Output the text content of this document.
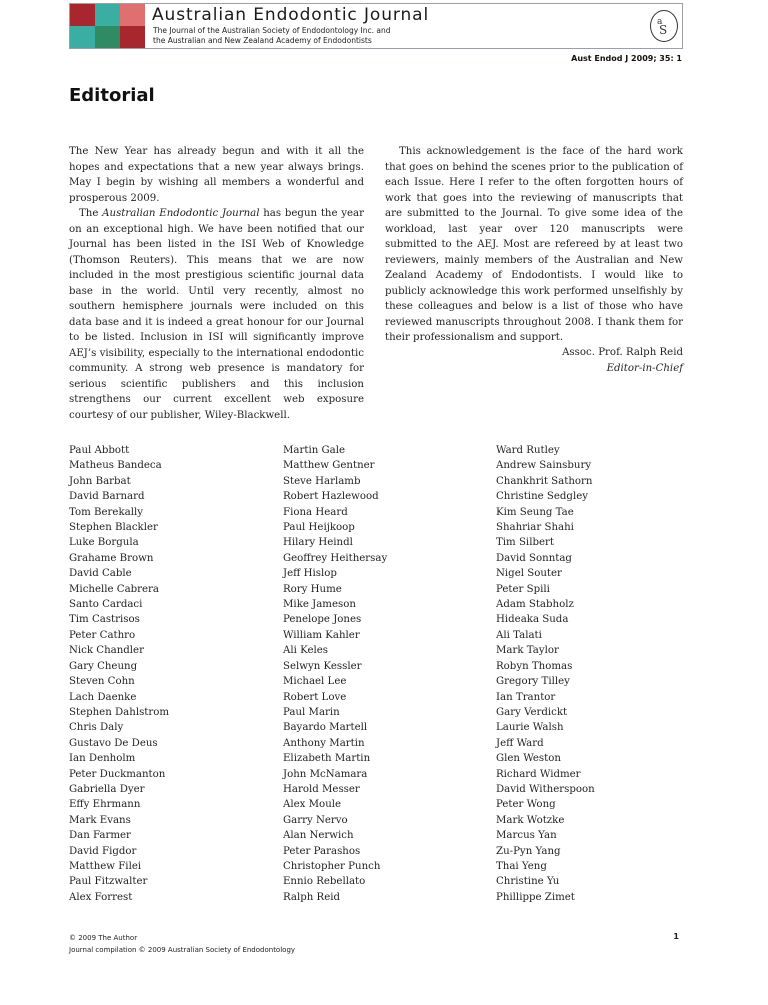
Australian Endodontic Journal
The Journal of the Australian Society of Endodontology Inc. and
the Australian and New Zealand Academy of Endodontists
a
S
Aust Endod J 2009; 35: 1
Editorial

The New Year has already begun and with it all the hopes and expectations that a new year always brings. May I begin by wishing all members a wonderful and prosperous 2009.

The Australian Endodontic Journal has begun the year on an exceptional high. We have been notified that our Journal has been listed in the ISI Web of Knowledge (Thomson Reuters). This means that we are now included in the most prestigious scientific journal data base in the world. Until very recently, almost no southern hemisphere journals were included on this data base and it is indeed a great honour for our Journal to be listed. Inclusion in ISI will significantly improve AEJ’s visibility, especially to the international endodontic community. A strong web presence is mandatory for serious scientific publishers and this inclusion strengthens our current excellent web exposure courtesy of our publisher, Wiley-Blackwell.

This acknowledgement is the face of the hard work that goes on behind the scenes prior to the publication of each Issue. Here I refer to the often forgotten hours of work that goes into the reviewing of manuscripts that are submitted to the Journal. To give some idea of the workload, last year over 120 manuscripts were submitted to the AEJ. Most are refereed by at least two reviewers, mainly members of the Australian and New Zealand Academy of Endodontists. I would like to publicly acknowledge this work performed unselfishly by these colleagues and below is a list of those who have reviewed manuscripts throughout 2008. I thank them for their professionalism and support.

Assoc. Prof. Ralph Reid
Editor-in-Chief
Paul Abbott
Matheus Bandeca
John Barbat
David Barnard
Tom Berekally
Stephen Blackler
Luke Borgula
Grahame Brown
David Cable
Michelle Cabrera
Santo Cardaci
Tim Castrisos
Peter Cathro
Nick Chandler
Gary Cheung
Steven Cohn
Lach Daenke
Stephen Dahlstrom
Chris Daly
Gustavo De Deus
Ian Denholm
Peter Duckmanton
Gabriella Dyer
Effy Ehrmann
Mark Evans
Dan Farmer
David Figdor
Matthew Filei
Paul Fitzwalter
Alex Forrest
Martin Gale
Matthew Gentner
Steve Harlamb
Robert Hazlewood
Fiona Heard
Paul Heijkoop
Hilary Heindl
Geoffrey Heithersay
Jeff Hislop
Rory Hume
Mike Jameson
Penelope Jones
William Kahler
Ali Keles
Selwyn Kessler
Michael Lee
Robert Love
Paul Marin
Bayardo Martell
Anthony Martin
Elizabeth Martin
John McNamara
Harold Messer
Alex Moule
Garry Nervo
Alan Nerwich
Peter Parashos
Christopher Punch
Ennio Rebellato
Ralph Reid
Ward Rutley
Andrew Sainsbury
Chankhrit Sathorn
Christine Sedgley
Kim Seung Tae
Shahriar Shahi
Tim Silbert
David Sonntag
Nigel Souter
Peter Spili
Adam Stabholz
Hideaka Suda
Ali Talati
Mark Taylor
Robyn Thomas
Gregory Tilley
Ian Trantor
Gary Verdickt
Laurie Walsh
Jeff Ward
Glen Weston
Richard Widmer
David Witherspoon
Peter Wong
Mark Wotzke
Marcus Yan
Zu-Pyn Yang
Thai Yeng
Christine Yu
Phillippe Zimet
© 2009 The Author
Journal compilation © 2009 Australian Society of Endodontology
1
